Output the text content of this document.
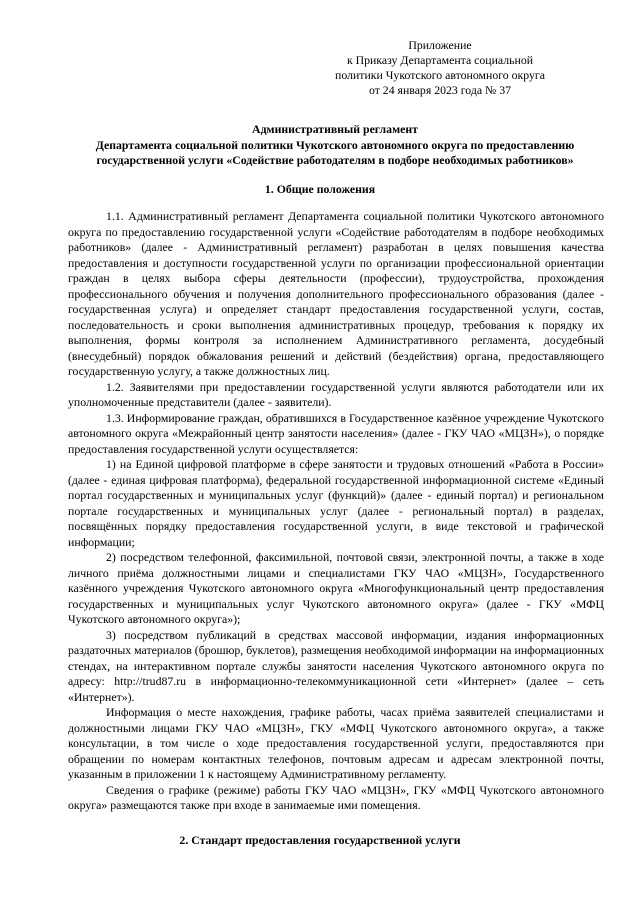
Приложение
к Приказу Департамента социальной
политики Чукотского автономного округа
от 24 января 2023 года № 37
Административный регламент
Департамента социальной политики Чукотского автономного округа по предоставлению
государственной услуги «Содействие работодателям в подборе необходимых работников»
1. Общие положения

1.1. Административный регламент Департамента социальной политики Чукотского автономного округа по предоставлению государственной услуги «Содействие работодателям в подборе необходимых работников» (далее - Административный регламент) разработан в целях повышения качества предоставления и доступности государственной услуги по организации профессиональной ориентации граждан в целях выбора сферы деятельности (профессии), трудоустройства, прохождения профессионального обучения и получения дополнительного профессионального образования (далее - государственная услуга) и определяет стандарт предоставления государственной услуги, состав, последовательность и сроки выполнения административных процедур, требования к порядку их выполнения, формы контроля за исполнением Административного регламента, досудебный (внесудебный) порядок обжалования решений и действий (бездействия) органа, предоставляющего государственную услугу, а также должностных лиц.

1.2. Заявителями при предоставлении государственной услуги являются работодатели или их уполномоченные представители (далее - заявители).

1.3. Информирование граждан, обратившихся в Государственное казённое учреждение Чукотского автономного округа «Межрайонный центр занятости населения» (далее - ГКУ ЧАО «МЦЗН»), о порядке предоставления государственной услуги осуществляется:

1) на Единой цифровой платформе в сфере занятости и трудовых отношений «Работа в России» (далее - единая цифровая платформа), федеральной государственной информационной системе «Единый портал государственных и муниципальных услуг (функций)» (далее - единый портал) и региональном портале государственных и муниципальных услуг (далее - региональный портал) в разделах, посвящённых порядку предоставления государственной услуги, в виде текстовой и графической информации;

2) посредством телефонной, факсимильной, почтовой связи, электронной почты, а также в ходе личного приёма должностными лицами и специалистами ГКУ ЧАО «МЦЗН», Государственного казённого учреждения Чукотского автономного округа «Многофункциональный центр предоставления государственных и муниципальных услуг Чукотского автономного округа» (далее - ГКУ «МФЦ Чукотского автономного округа»);

3) посредством публикаций в средствах массовой информации, издания информационных раздаточных материалов (брошюр, буклетов), размещения необходимой информации на информационных стендах, на интерактивном портале службы занятости населения Чукотского автономного округа по адресу: http://trud87.ru в информационно-телекоммуникационной сети «Интернет» (далее – сеть «Интернет»).

Информация о месте нахождения, графике работы, часах приёма заявителей специалистами и должностными лицами ГКУ ЧАО «МЦЗН», ГКУ «МФЦ Чукотского автономного округа», а также консультации, в том числе о ходе предоставления государственной услуги, предоставляются при обращении по номерам контактных телефонов, почтовым адресам и адресам электронной почты, указанным в приложении 1 к настоящему Административному регламенту.

Сведения о графике (режиме) работы ГКУ ЧАО «МЦЗН», ГКУ «МФЦ Чукотского автономного округа» размещаются также при входе в занимаемые ими помещения.

2. Стандарт предоставления государственной услуги
